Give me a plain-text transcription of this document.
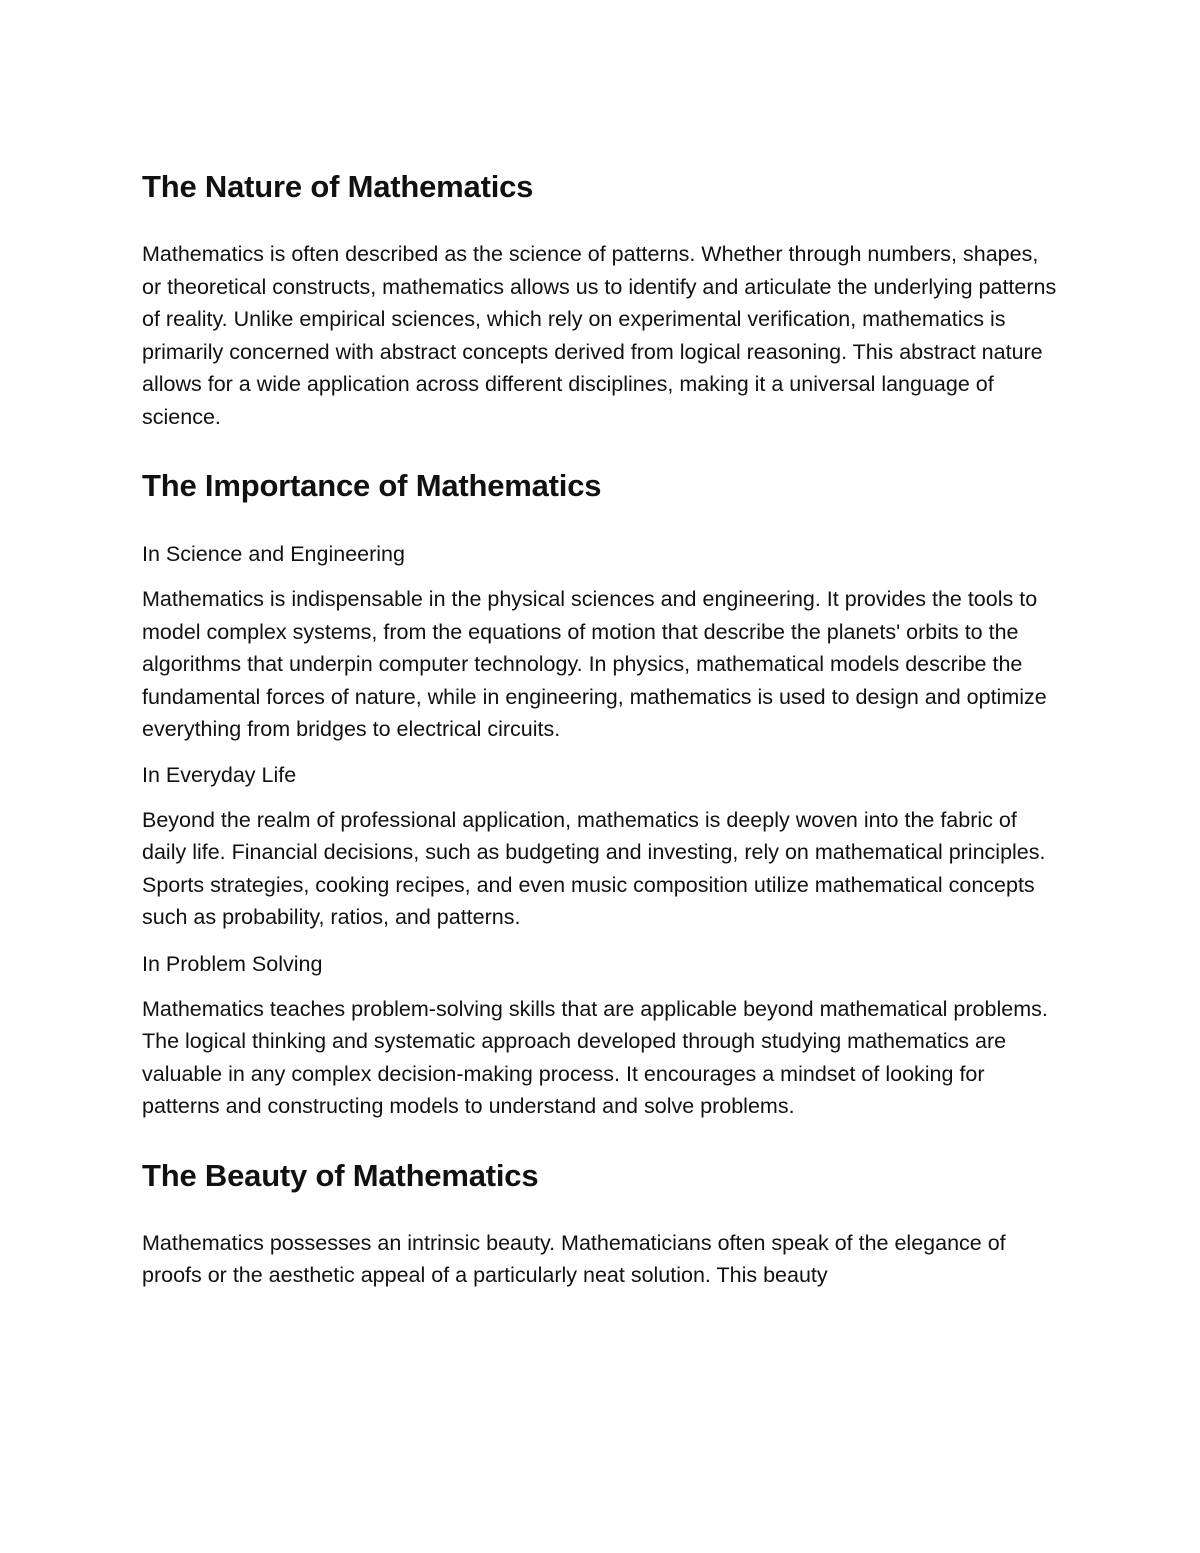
The Nature of Mathematics

Mathematics is often described as the science of patterns. Whether through numbers, shapes, or theoretical constructs, mathematics allows us to identify and articulate the underlying patterns of reality. Unlike empirical sciences, which rely on experimental verification, mathematics is primarily concerned with abstract concepts derived from logical reasoning. This abstract nature allows for a wide application across different disciplines, making it a universal language of science.

The Importance of Mathematics
In Science and Engineering

Mathematics is indispensable in the physical sciences and engineering. It provides the tools to model complex systems, from the equations of motion that describe the planets' orbits to the algorithms that underpin computer technology. In physics, mathematical models describe the fundamental forces of nature, while in engineering, mathematics is used to design and optimize everything from bridges to electrical circuits.

In Everyday Life

Beyond the realm of professional application, mathematics is deeply woven into the fabric of daily life. Financial decisions, such as budgeting and investing, rely on mathematical principles. Sports strategies, cooking recipes, and even music composition utilize mathematical concepts such as probability, ratios, and patterns.

In Problem Solving

Mathematics teaches problem-solving skills that are applicable beyond mathematical problems. The logical thinking and systematic approach developed through studying mathematics are valuable in any complex decision-making process. It encourages a mindset of looking for patterns and constructing models to understand and solve problems.

The Beauty of Mathematics

Mathematics possesses an intrinsic beauty. Mathematicians often speak of the elegance of proofs or the aesthetic appeal of a particularly neat solution. This beauty
